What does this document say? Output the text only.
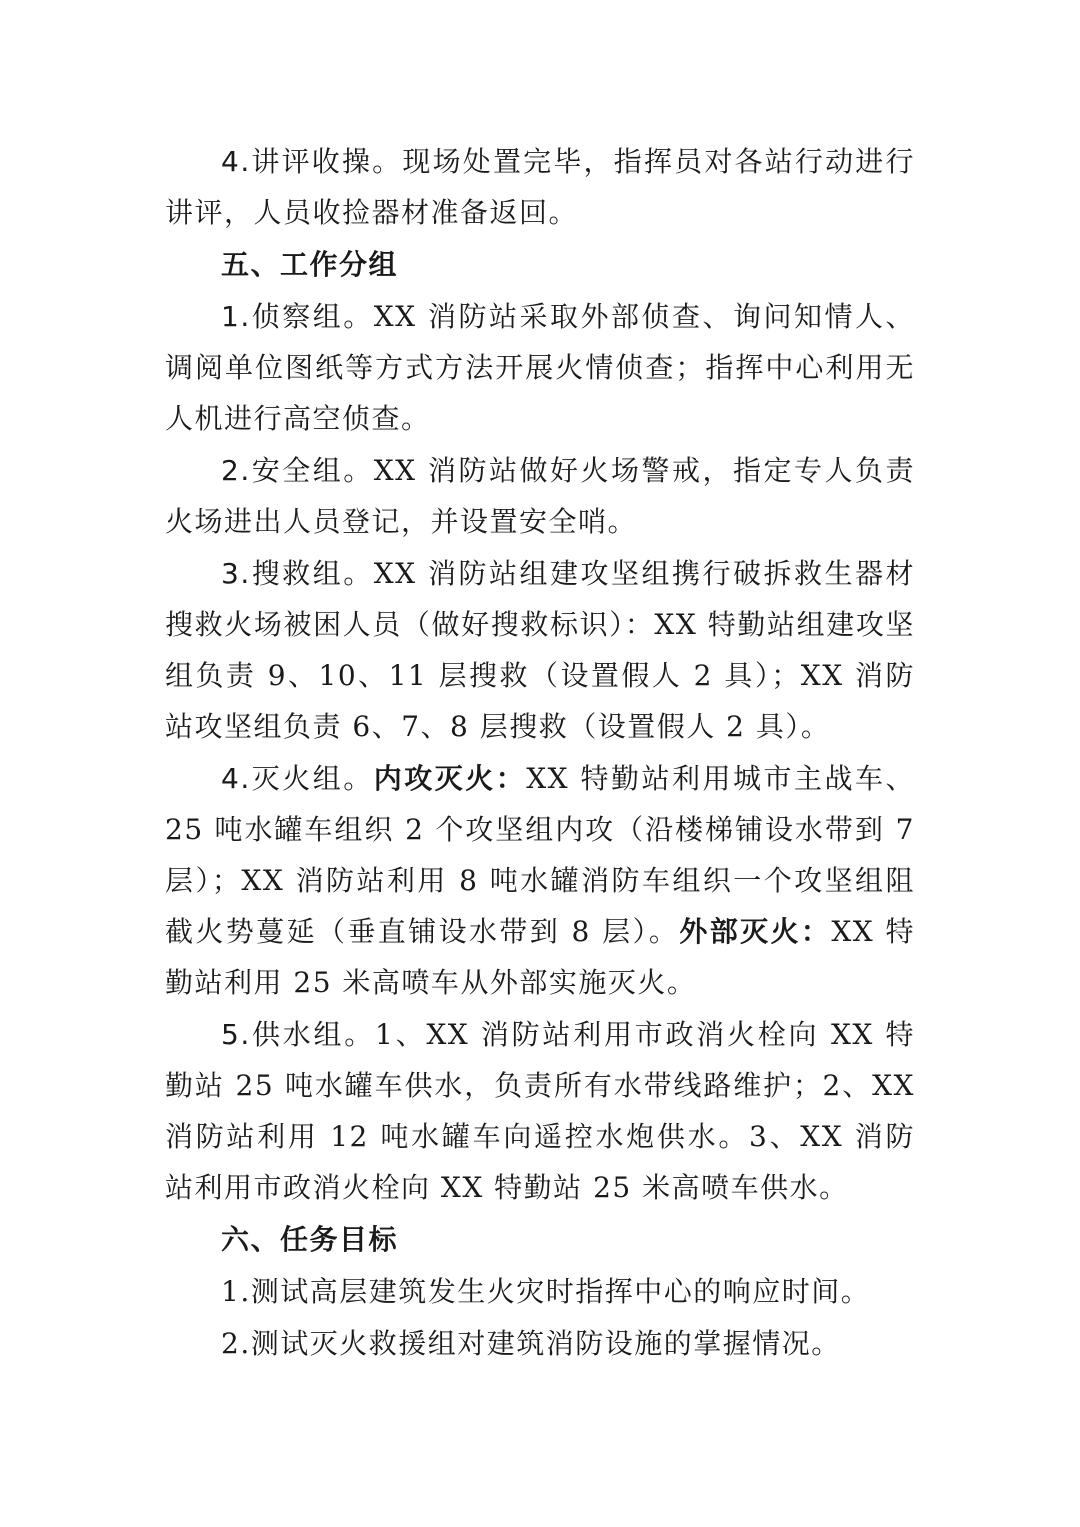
4.讲评收操。现场处置完毕，指挥员对各站行动进行讲评，人员收捡器材准备返回。

五、工作分组

1.侦察组。XX 消防站采取外部侦查、询问知情人、调阅单位图纸等方式方法开展火情侦查；指挥中心利用无人机进行高空侦查。

2.安全组。XX 消防站做好火场警戒，指定专人负责火场进出人员登记，并设置安全哨。

3.搜救组。XX 消防站组建攻坚组携行破拆救生器材搜救火场被困人员（做好搜救标识）：XX 特勤站组建攻坚组负责 9、10、11 层搜救（设置假人 2 具）；XX 消防站攻坚组负责 6、7、8 层搜救（设置假人 2 具）。

4.灭火组。内攻灭火：XX 特勤站利用城市主战车、25 吨水罐车组织 2 个攻坚组内攻（沿楼梯铺设水带到 7 层）；XX 消防站利用 8 吨水罐消防车组织一个攻坚组阻截火势蔓延（垂直铺设水带到 8 层）。外部灭火：XX 特勤站利用 25 米高喷车从外部实施灭火。

5.供水组。1、XX 消防站利用市政消火栓向 XX 特勤站 25 吨水罐车供水，负责所有水带线路维护；2、XX 消防站利用 12 吨水罐车向遥控水炮供水。3、XX 消防站利用市政消火栓向 XX 特勤站 25 米高喷车供水。

六、任务目标

1.测试高层建筑发生火灾时指挥中心的响应时间。

2.测试灭火救援组对建筑消防设施的掌握情况。
